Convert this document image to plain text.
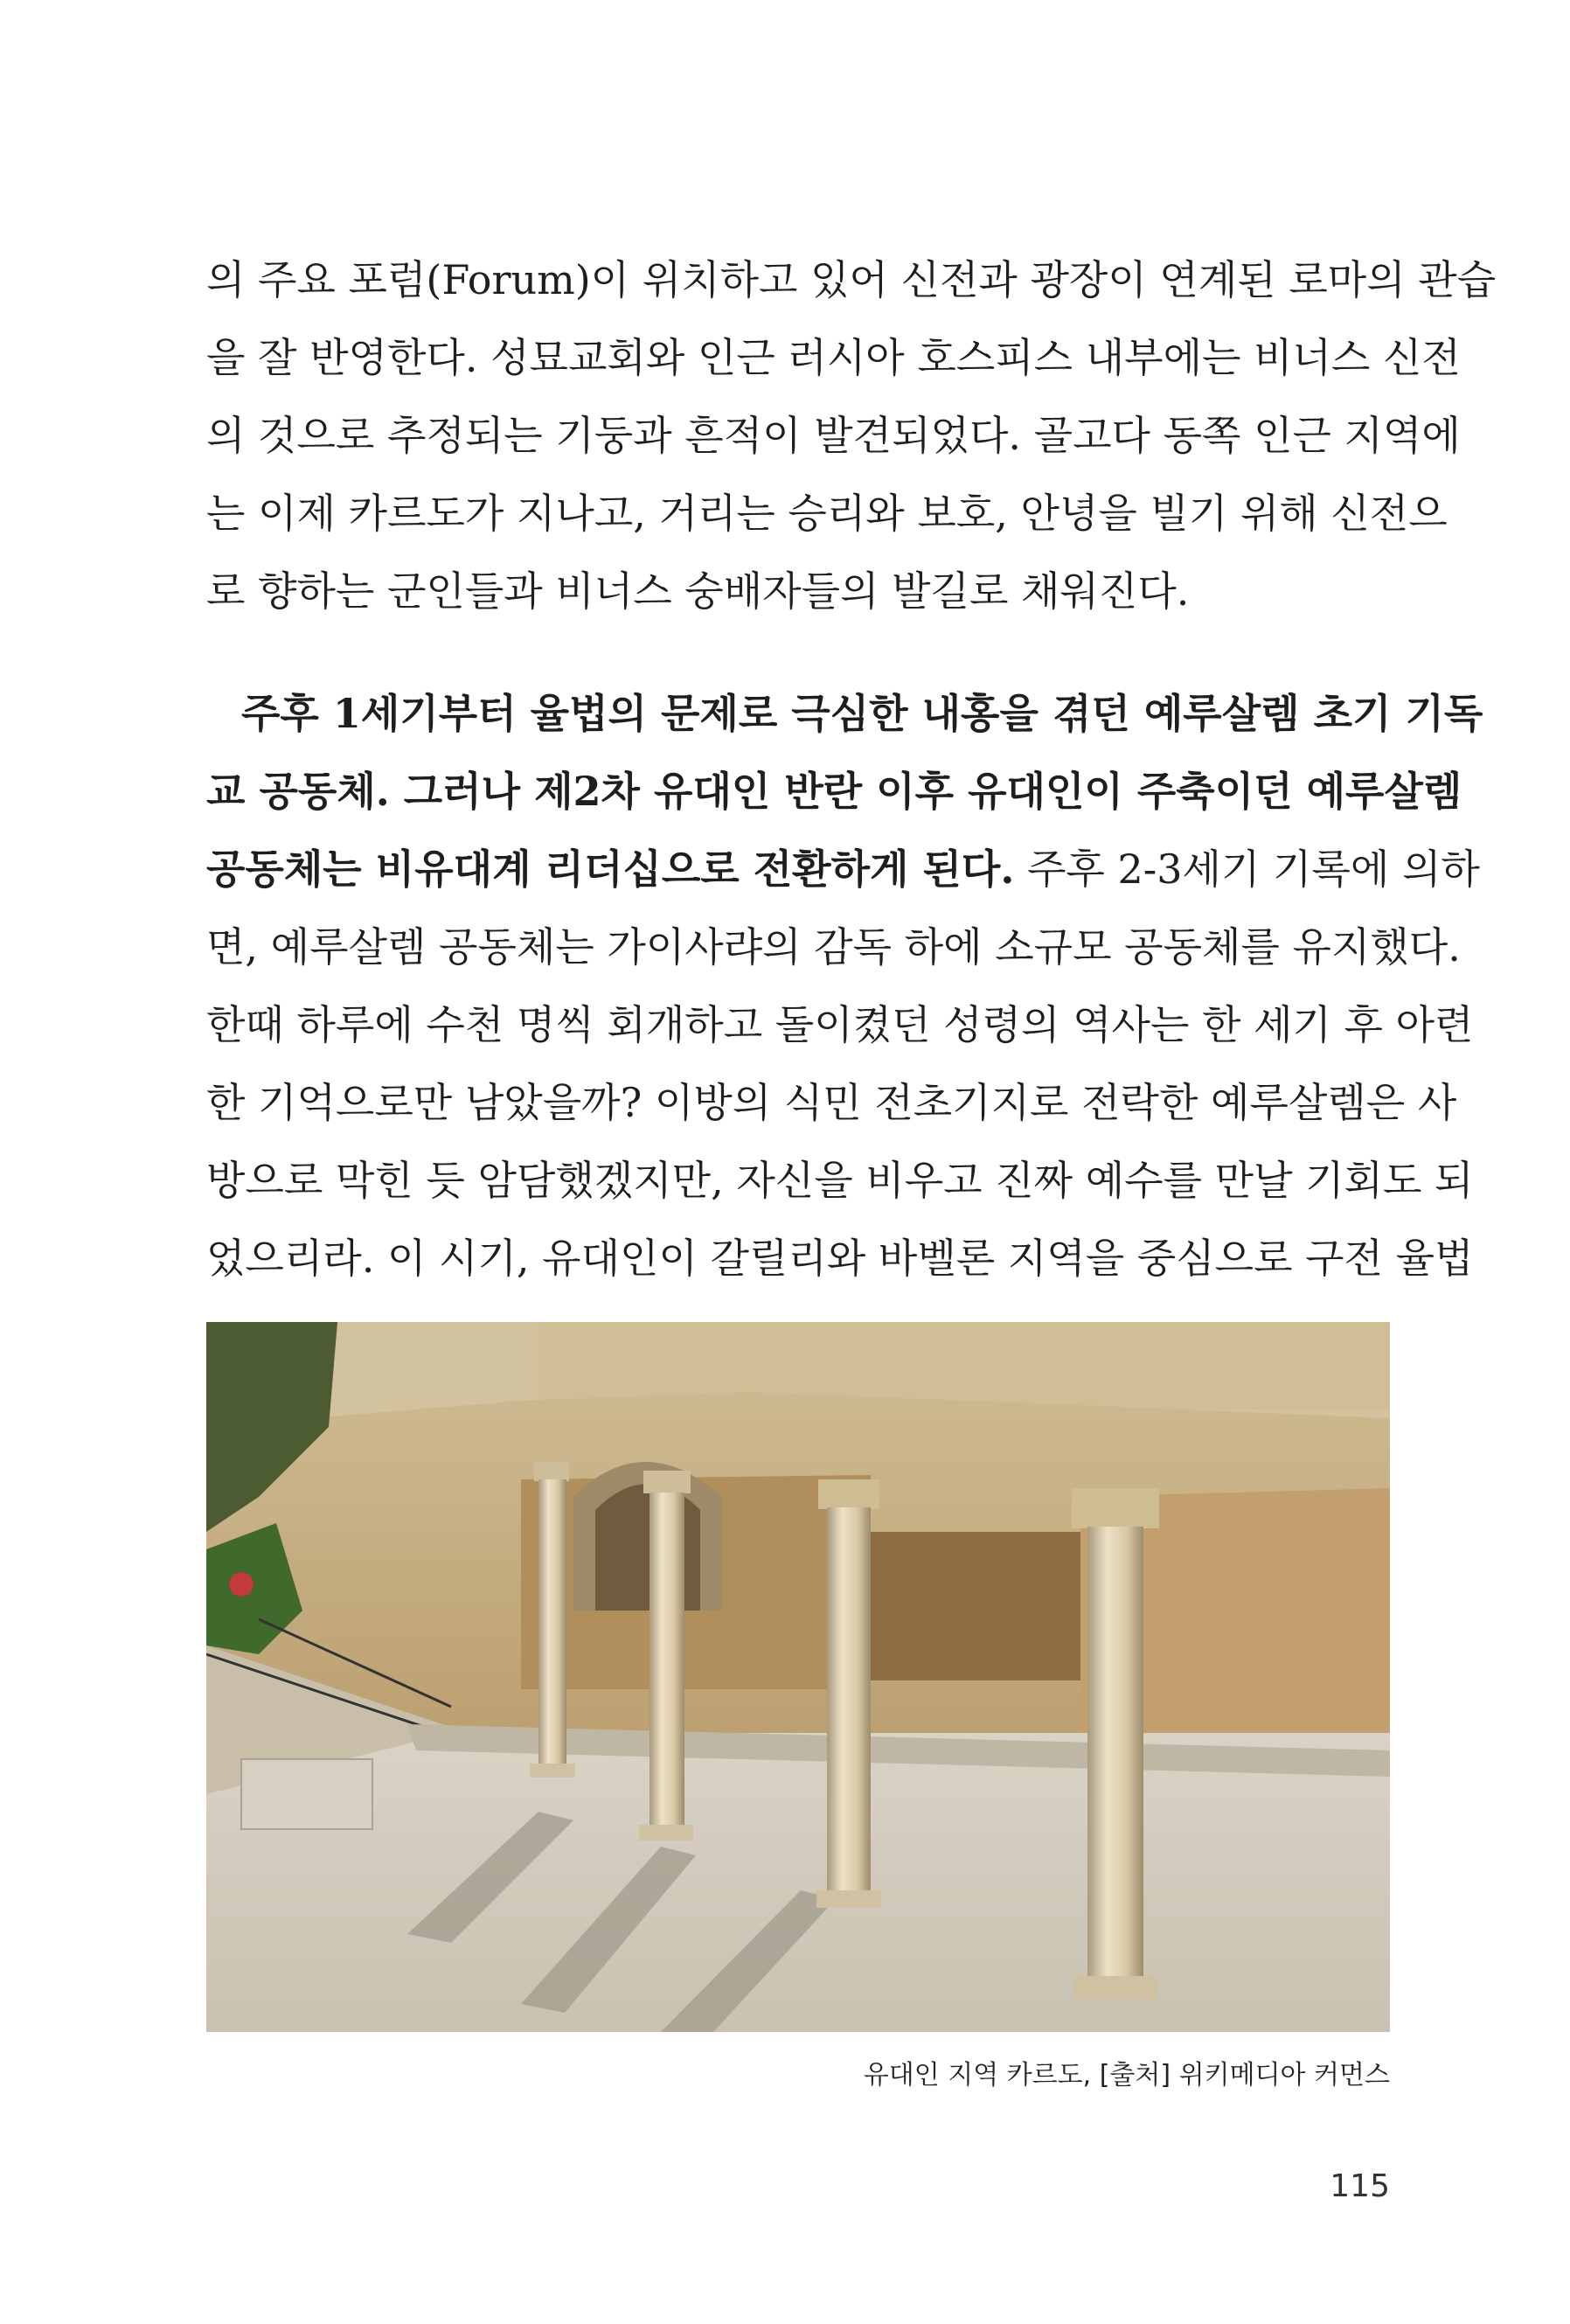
의 주요 포럼(Forum)이 위치하고 있어 신전과 광장이 연계된 로마의 관습
을 잘 반영한다. 성묘교회와 인근 러시아 호스피스 내부에는 비너스 신전
의 것으로 추정되는 기둥과 흔적이 발견되었다. 골고다 동쪽 인근 지역에
는 이제 카르도가 지나고, 거리는 승리와 보호, 안녕을 빌기 위해 신전으
로 향하는 군인들과 비너스 숭배자들의 발길로 채워진다.
주후 1세기부터 율법의 문제로 극심한 내홍을 겪던 예루살렘 초기 기독
교 공동체. 그러나 제2차 유대인 반란 이후 유대인이 주축이던 예루살렘
공동체는 비유대계 리더십으로 전환하게 된다. 주후 2-3세기 기록에 의하
면, 예루살렘 공동체는 가이사랴의 감독 하에 소규모 공동체를 유지했다.
한때 하루에 수천 명씩 회개하고 돌이켰던 성령의 역사는 한 세기 후 아련
한 기억으로만 남았을까? 이방의 식민 전초기지로 전락한 예루살렘은 사
방으로 막힌 듯 암담했겠지만, 자신을 비우고 진짜 예수를 만날 기회도 되
었으리라. 이 시기, 유대인이 갈릴리와 바벨론 지역을 중심으로 구전 율법
유대인 지역 카르도, [출처] 위키메디아 커먼스
115
